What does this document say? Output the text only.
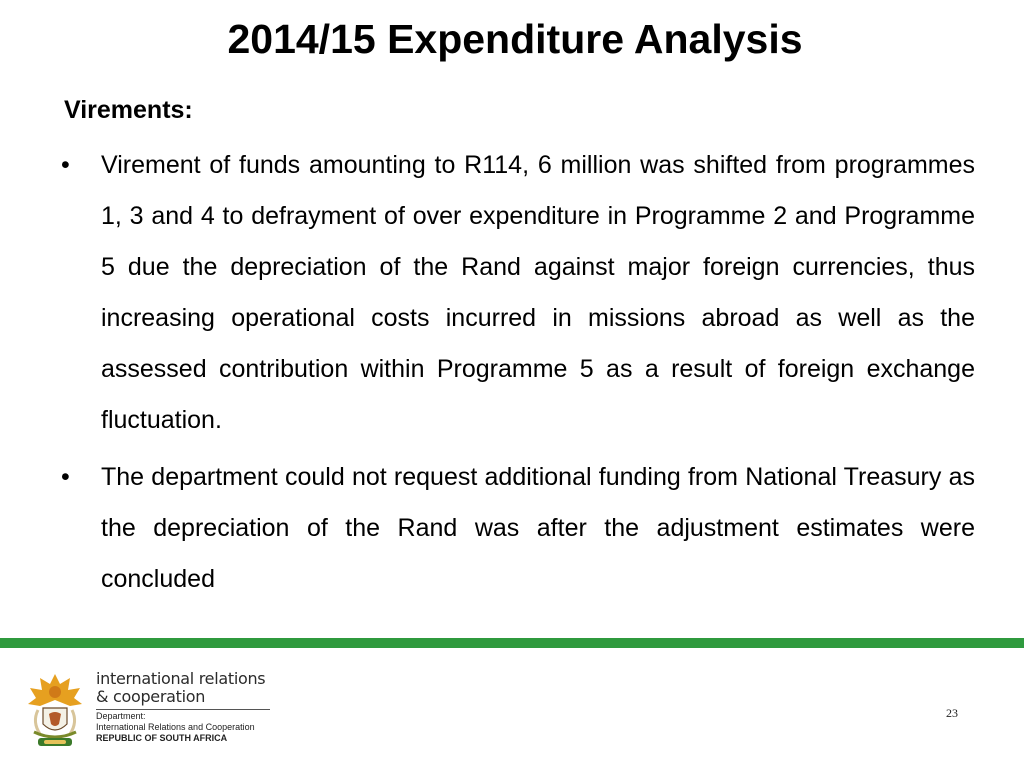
2014/15 Expenditure Analysis
Virements:
• Virement of funds amounting to R114, 6 million was shifted from programmes 1, 3 and 4 to defrayment of over expenditure in Programme 2 and Programme 5 due the depreciation of the Rand against major foreign currencies, thus increasing operational costs incurred in missions abroad as well as the assessed contribution within Programme 5 as a result of foreign exchange fluctuation.
• The department could not request additional funding from National Treasury as the depreciation of the Rand was after the adjustment estimates were concluded
international relations
& cooperation
Department:
International Relations and Cooperation
REPUBLIC OF SOUTH AFRICA
23
